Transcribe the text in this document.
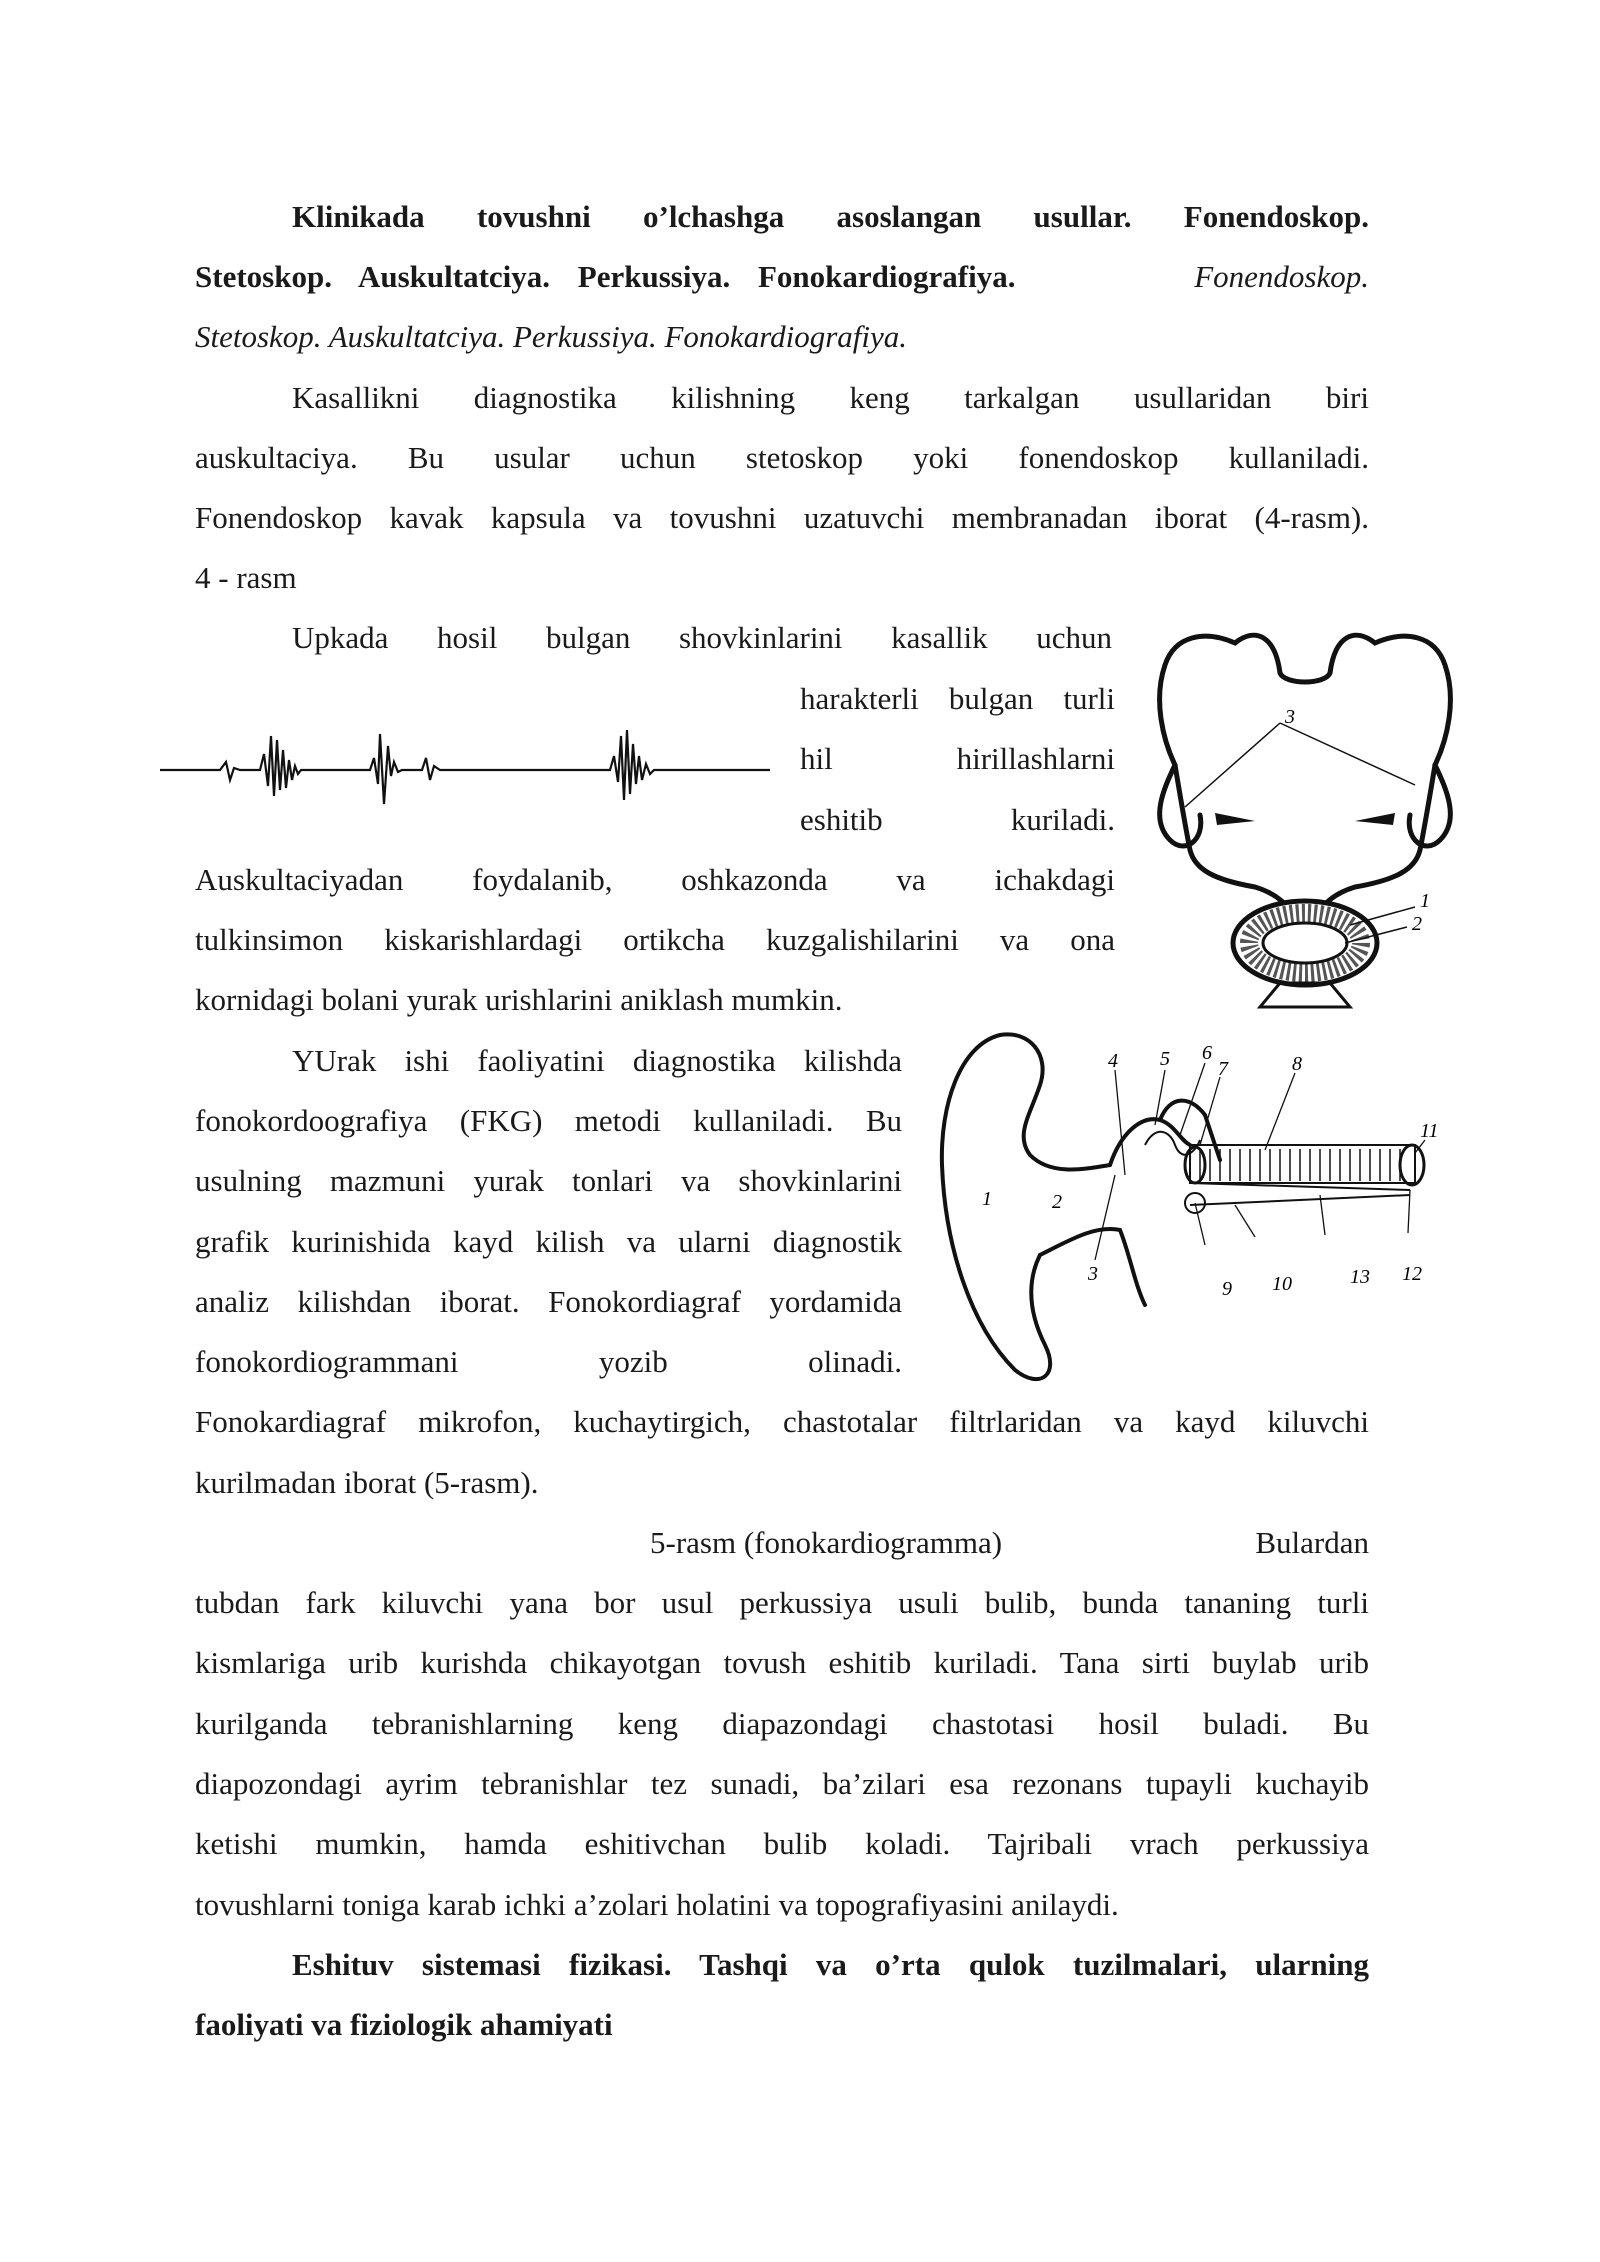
Klinikada tovushni o’lchashga asoslangan usullar. Fonendoskop.
Stetoskop. Auskultatciya. Perkussiya. Fonokardiografiya.	Fonendoskop.
Stetoskop. Auskultatciya. Perkussiya. Fonokardiografiya.
Kasallikni diagnostika kilishning keng tarkalgan usullaridan biri
auskultaciya. Bu usular uchun stetoskop yoki fonendoskop kullaniladi.
Fonendoskop kavak kapsula va tovushni uzatuvchi membranadan iborat (4-rasm).
4 - rasm
Upkada hosil bulgan shovkinlarini kasallik uchun
harakterli bulgan turli
hil hirillashlarni
eshitib kuriladi.
Auskultaciyadan foydalanib, oshkazonda va ichakdagi
tulkinsimon kiskarishlardagi ortikcha kuzgalishilarini va ona
kornidagi bolani yurak urishlarini aniklash mumkin.
YUrak ishi faoliyatini diagnostika kilishda
fonokordoografiya (FKG) metodi kullaniladi. Bu
usulning mazmuni yurak tonlari va shovkinlarini
grafik kurinishida kayd kilish va ularni diagnostik
analiz kilishdan iborat. Fonokordiagraf yordamida
fonokordiogrammani yozib olinadi.
Fonokardiagraf mikrofon, kuchaytirgich, chastotalar filtrlaridan va kayd kiluvchi
kurilmadan iborat (5-rasm).
5-rasm (fonokardiogramma)	Bulardan
tubdan fark kiluvchi yana bor usul perkussiya usuli bulib, bunda tananing turli
kismlariga urib kurishda chikayotgan tovush eshitib kuriladi. Tana sirti buylab urib
kurilganda tebranishlarning keng diapazondagi chastotasi hosil buladi. Bu
diapozondagi ayrim tebranishlar tez sunadi, ba’zilari esa rezonans tupayli kuchayib
ketishi mumkin, hamda eshitivchan bulib koladi. Tajribali vrach perkussiya
tovushlarni toniga karab ichki a’zolari holatini va topografiyasini anilaydi.
Eshituv sistemasi fizikasi. Tashqi va o’rta qulok tuzilmalari, ularning
faoliyati va fiziologik ahamiyati
3
1
2
1	2
3
4 5 6
7	8
9 10
11
12
13
